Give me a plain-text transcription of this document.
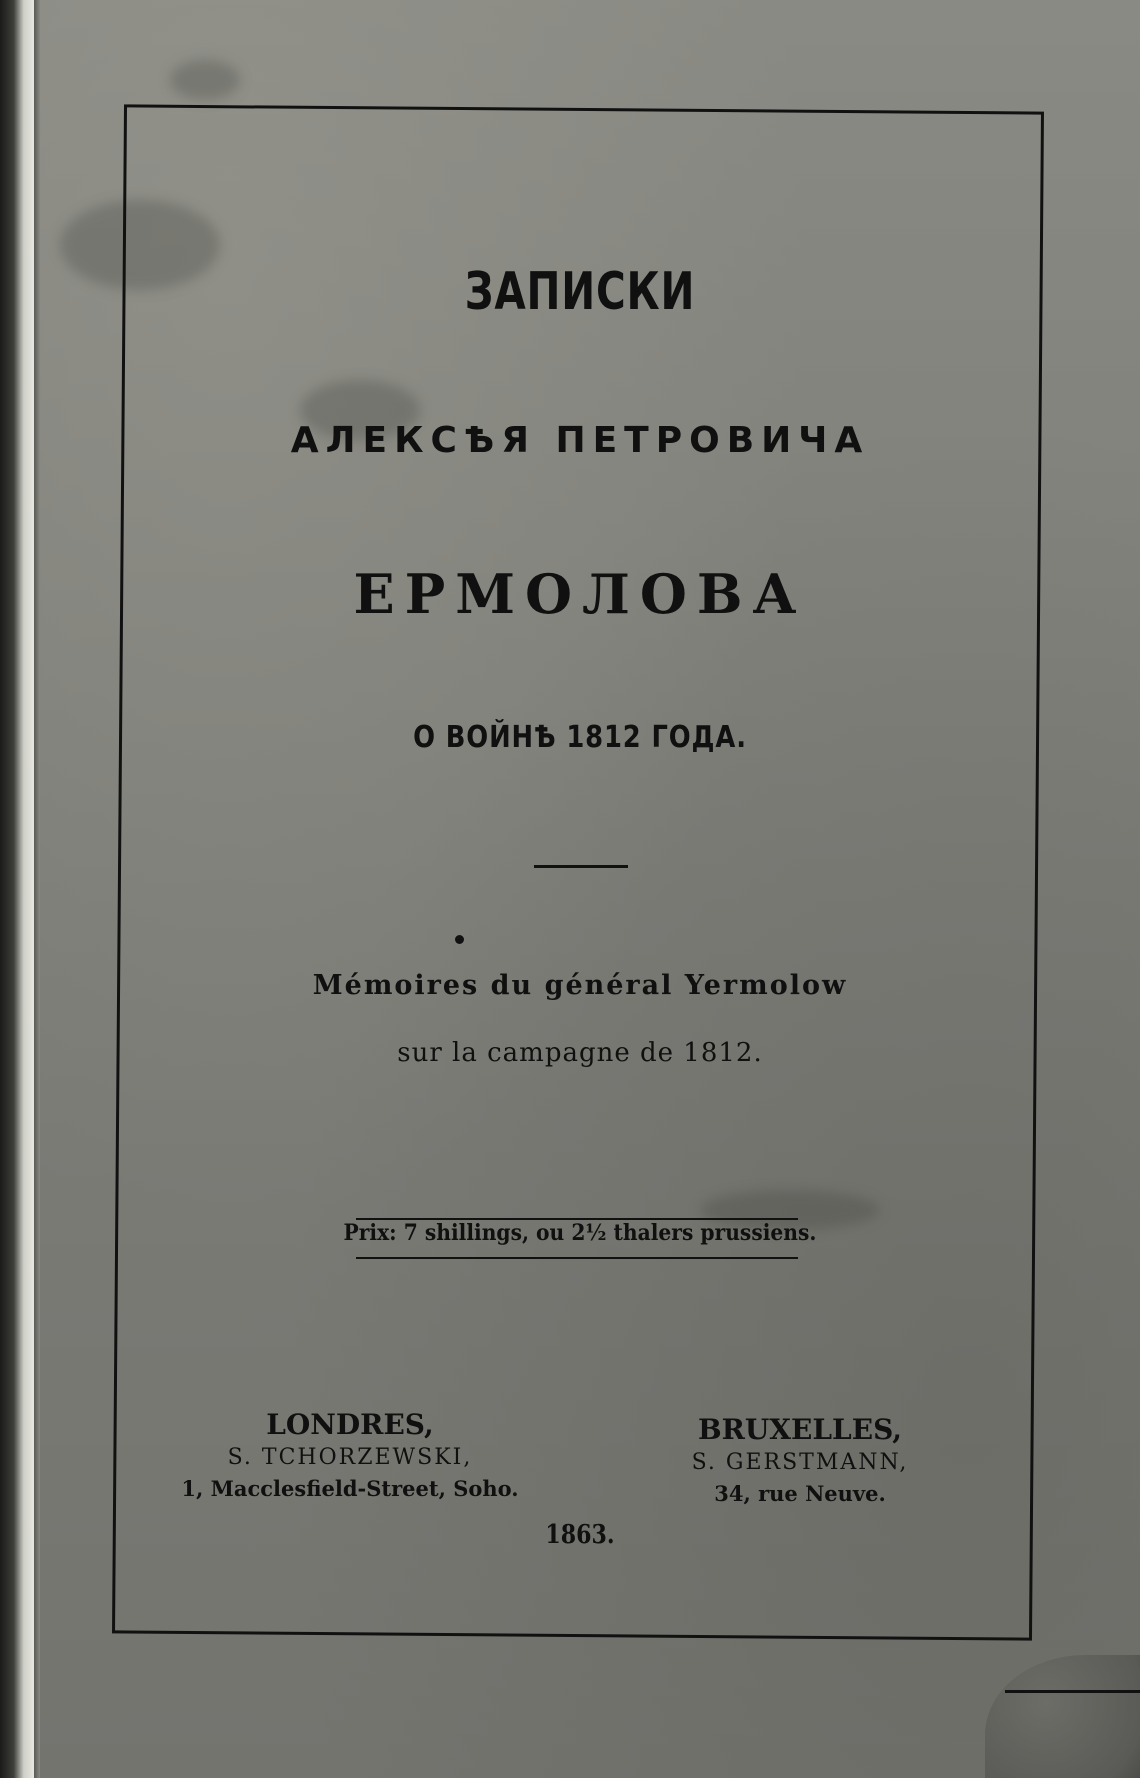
ЗАПИСКИ
АЛЕКСѢЯ ПЕТРОВИЧА
ЕРМОЛОВА
О ВОЙНѢ 1812 ГОДА.
Mémoires du général Yermolow
sur la campagne de 1812.
Prix: 7 shillings, ou 2½ thalers prussiens.
LONDRES,
S. TCHORZEWSKI,
1, Macclesfield-Street, Soho.
BRUXELLES,
S. GERSTMANN,
34, rue Neuve.
1863.
